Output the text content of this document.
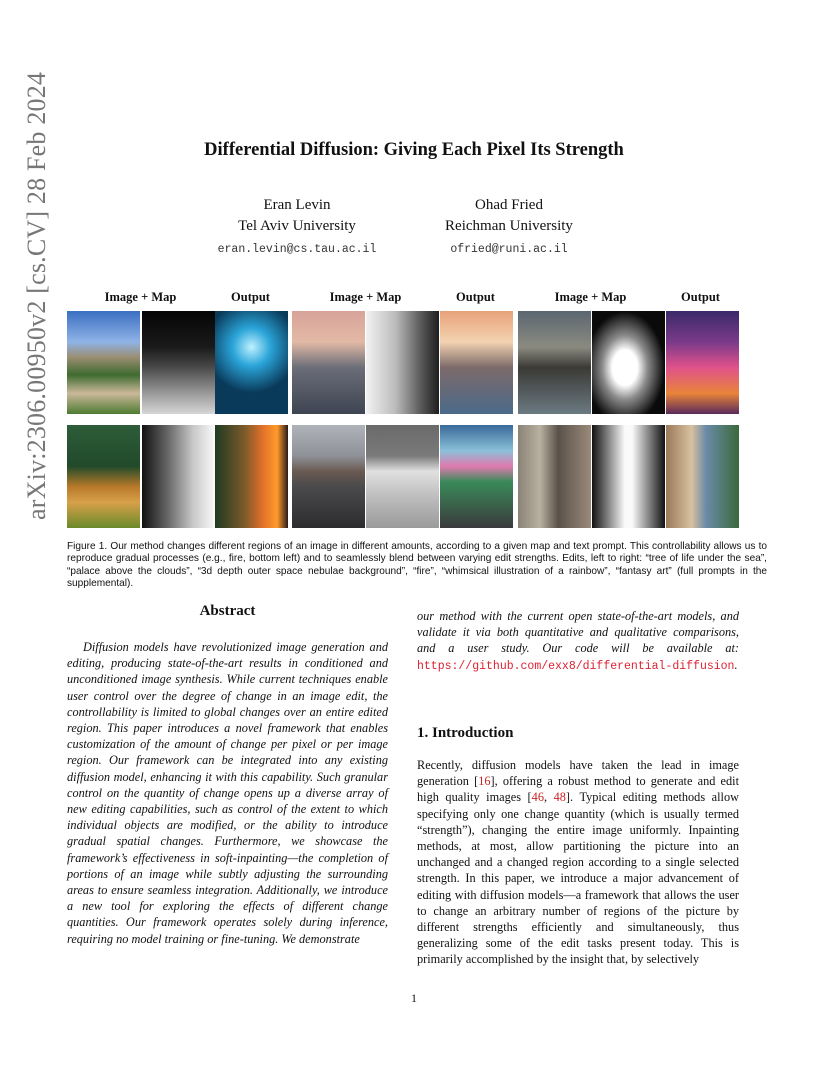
arXiv:2306.00950v2 [cs.CV] 28 Feb 2024	Differential Diffusion: Giving Each Pixel Its Strength
Eran Levin
Tel Aviv University
eran.levin@cs.tau.ac.il
Ohad Fried
Reichman University
ofried@runi.ac.il
Image + Map	Output	Image + Map	Output	Image + Map	Output
Figure 1. Our method changes different regions of an image in different amounts, according to a given map and text prompt. This controllability allows us to reproduce gradual processes (e.g., fire, bottom left) and to seamlessly blend between varying edit strengths. Edits, left to right: “tree of life under the sea”, “palace above the clouds”, “3d depth outer space nebulae background”, “fire”, “whimsical illustration of a rainbow”, “fantasy art” (full prompts in the supplemental).
Abstract
Diffusion models have revolutionized image generation and editing, producing state-of-the-art results in conditioned and unconditioned image synthesis. While current techniques enable user control over the degree of change in an image edit, the controllability is limited to global changes over an entire edited region. This paper introduces a novel framework that enables customization of the amount of change per pixel or per image region. Our framework can be integrated into any existing diffusion model, enhancing it with this capability. Such granular control on the quantity of change opens up a diverse array of new editing capabilities, such as control of the extent to which individual objects are modified, or the ability to introduce gradual spatial changes. Furthermore, we showcase the framework’s effectiveness in soft-inpainting—the completion of portions of an image while subtly adjusting the surrounding areas to ensure seamless integration. Additionally, we introduce a new tool for exploring the effects of different change quantities. Our framework operates solely during inference, requiring no model training or fine-tuning. We demonstrate
our method with the current open state-of-the-art models, and validate it via both quantitative and qualitative comparisons, and a user study. Our code will be available at: https://github.com/exx8/differential-diffusion.
1. Introduction
Recently, diffusion models have taken the lead in image generation [16], offering a robust method to generate and edit high quality images [46, 48]. Typical editing methods allow specifying only one change quantity (which is usually termed “strength”), changing the entire image uniformly. Inpainting methods, at most, allow partitioning the picture into an unchanged and a changed region according to a single selected strength. In this paper, we introduce a major advancement of editing with diffusion models—a framework that allows the user to change an arbitrary number of regions of the picture by different strengths efficiently and simultaneously, thus generalizing some of the edit tasks present today. This is primarily accomplished by the insight that, by selectively
1
